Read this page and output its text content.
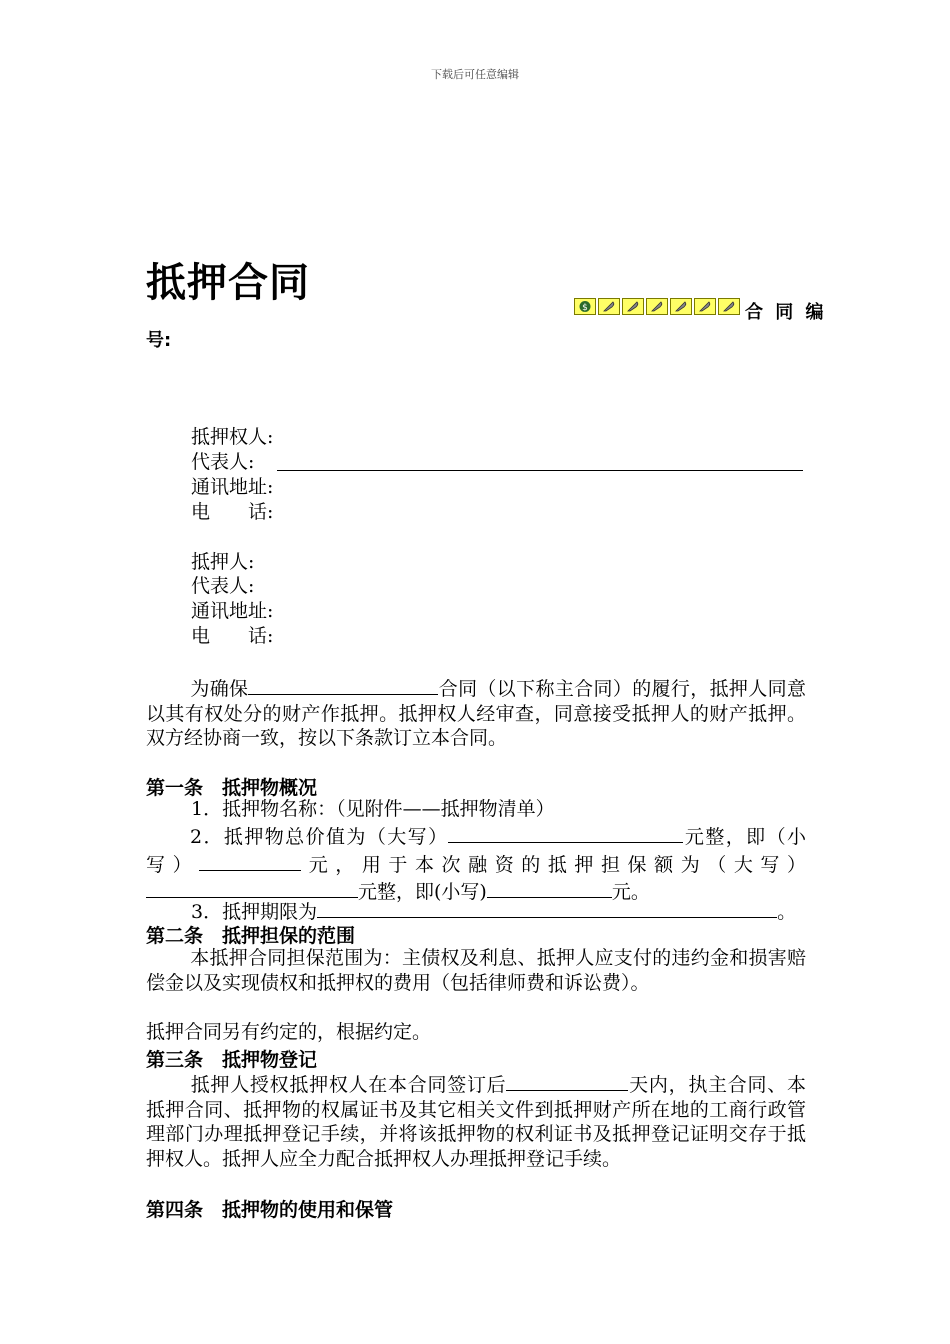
下载后可任意编辑
抵押合同
$	合 同 编
号:
抵押权人:
代表人:
通讯地址:
电　　话:
抵押人:
代表人:
通讯地址:
电　　话:
为确保	合同（以下称主合同）的履行，抵押人同意以其有权处分的财产作抵押。抵押权人经审查，同意接受抵押人的财产抵押。双方经协商一致，按以下条款订立本合同。
第一条　抵押物概况
1．抵押物名称：（见附件——抵押物清单）
2．抵押物总价值为（大写）	元整，即（小写）	元，用于本次融资的抵押担保额为（大写）元整，即(小写)	元。
3．抵押期限为	。
第二条　抵押担保的范围
本抵押合同担保范围为：主债权及利息、抵押人应支付的违约金和损害赔偿金以及实现债权和抵押权的费用（包括律师费和诉讼费）。
抵押合同另有约定的，根据约定。
第三条　抵押物登记
抵押人授权抵押权人在本合同签订后	天内，执主合同、本抵押合同、抵押物的权属证书及其它相关文件到抵押财产所在地的工商行政管理部门办理抵押登记手续，并将该抵押物的权利证书及抵押登记证明交存于抵押权人。抵押人应全力配合抵押权人办理抵押登记手续。
第四条　抵押物的使用和保管
